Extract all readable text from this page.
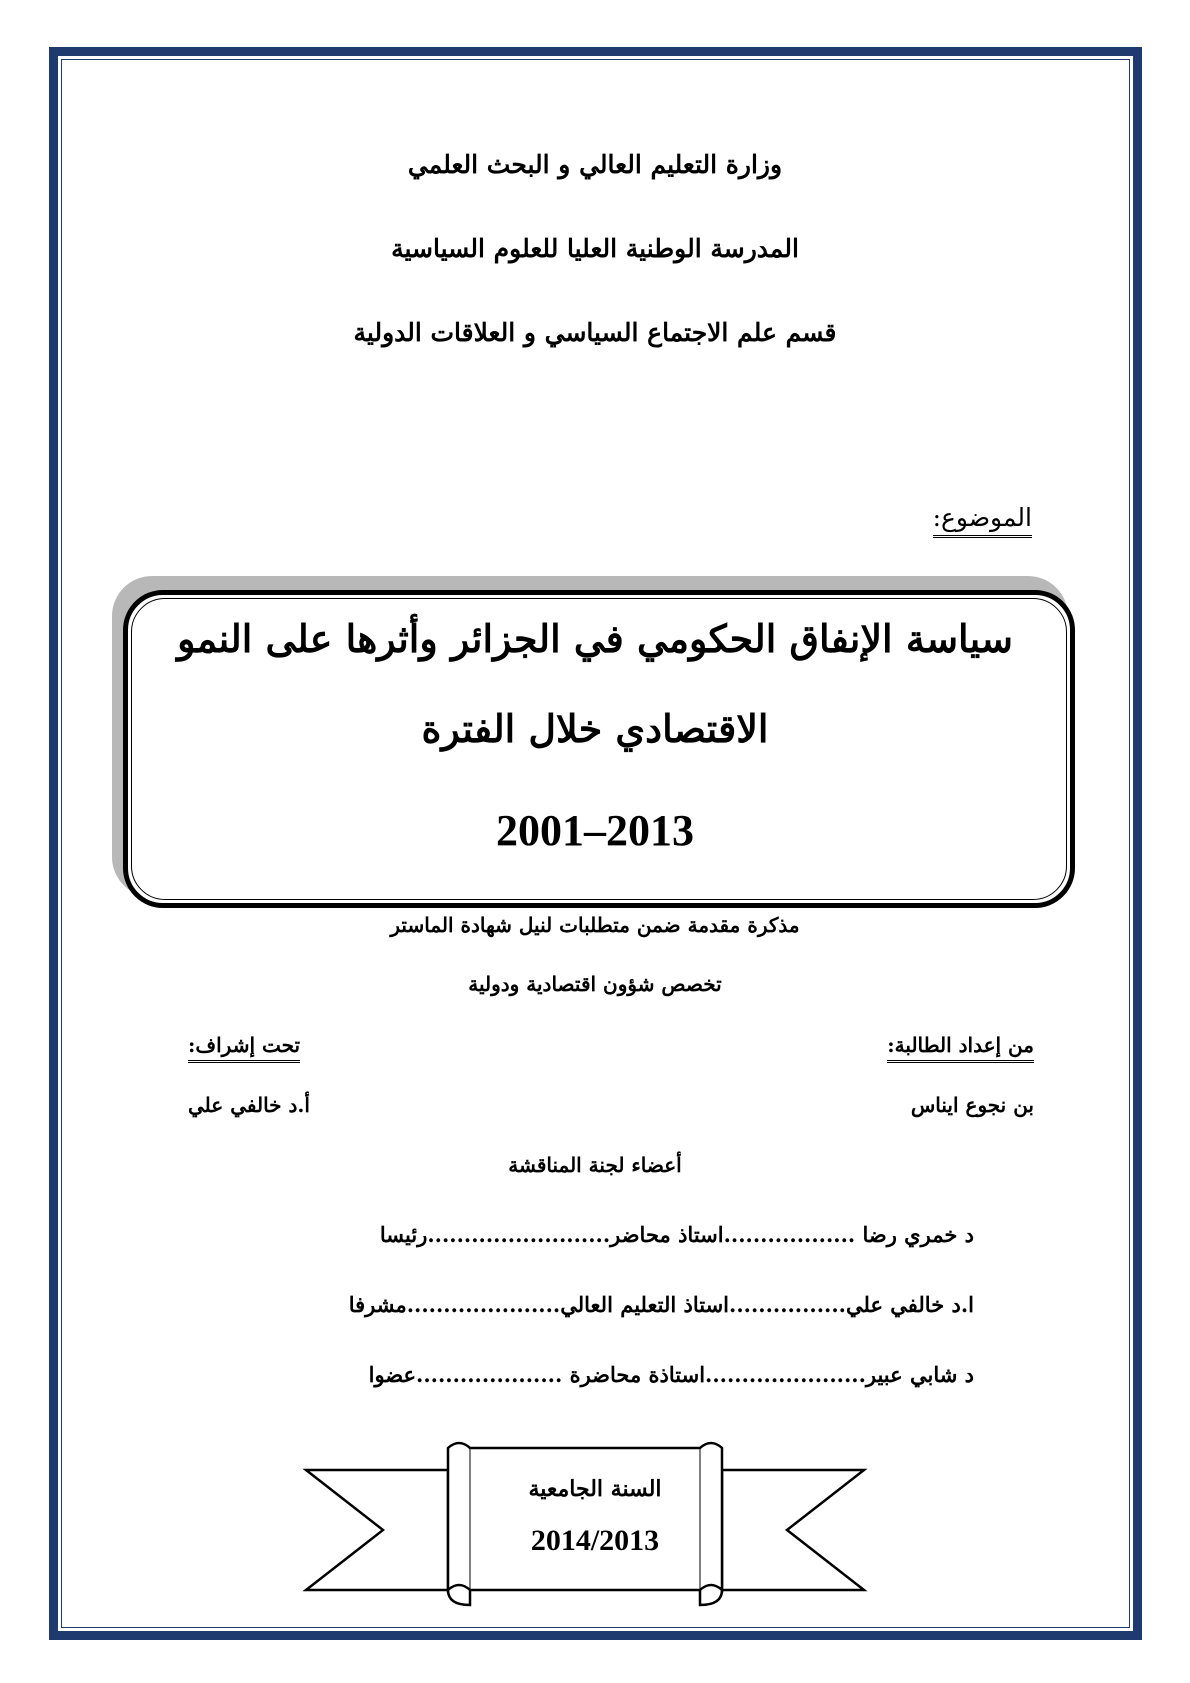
وزارة التعليم العالي و البحث العلمي
المدرسة الوطنية العليا للعلوم السياسية
قسم علم الاجتماع السياسي و العلاقات الدولية
الموضوع:
سياسة الإنفاق الحكومي في الجزائر وأثرها على النمو
الاقتصادي خلال الفترة
2001–2013
مذكرة مقدمة ضمن متطلبات لنيل شهادة الماستر
تخصص شؤون اقتصادية ودولية
من إعداد الطالبة:
تحت إشراف:
بن نجوع ايناس
أ.د خالفي علي
أعضاء لجنة المناقشة
د خمري رضا ..................استاذ محاضر.........................رئيسا
ا.د خالفي علي................استاذ التعليم العالي.....................مشرفا
د شابي عبير......................استاذة محاضرة ....................عضوا
السنة الجامعية
2014/2013
